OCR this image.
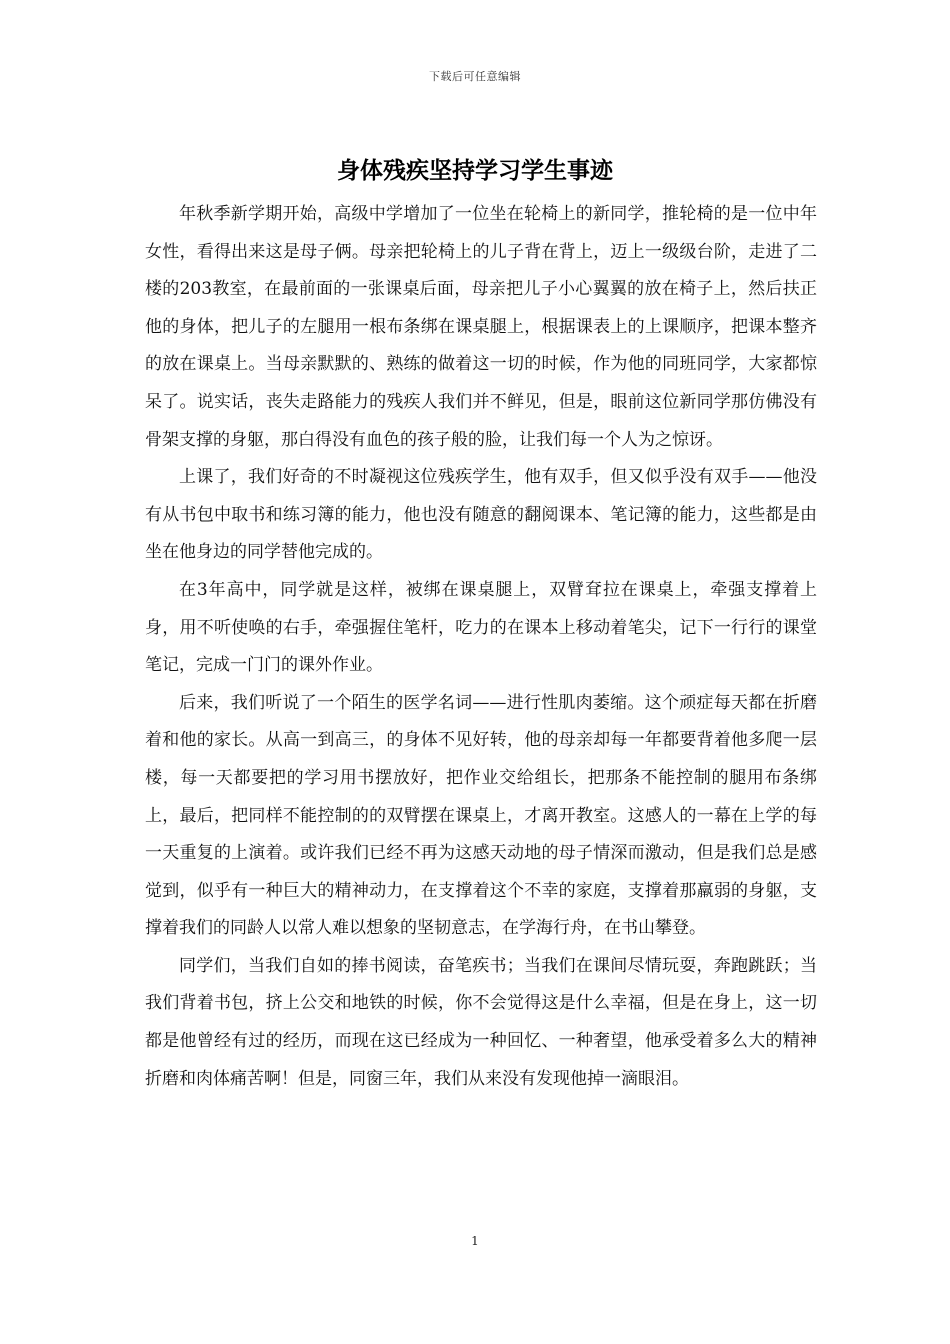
下载后可任意编辑
身体残疾坚持学习学生事迹

年秋季新学期开始，高级中学增加了一位坐在轮椅上的新同学，推轮椅的是一位中年女性，看得出来这是母子俩。母亲把轮椅上的儿子背在背上，迈上一级级台阶，走进了二楼的203教室，在最前面的一张课桌后面，母亲把儿子小心翼翼的放在椅子上，然后扶正他的身体，把儿子的左腿用一根布条绑在课桌腿上，根据课表上的上课顺序，把课本整齐的放在课桌上。当母亲默默的、熟练的做着这一切的时候，作为他的同班同学，大家都惊呆了。说实话，丧失走路能力的残疾人我们并不鲜见，但是，眼前这位新同学那仿佛没有骨架支撑的身躯，那白得没有血色的孩子般的脸，让我们每一个人为之惊讶。

上课了，我们好奇的不时凝视这位残疾学生，他有双手，但又似乎没有双手——他没有从书包中取书和练习簿的能力，他也没有随意的翻阅课本、笔记簿的能力，这些都是由坐在他身边的同学替他完成的。

在3年高中，同学就是这样，被绑在课桌腿上，双臂耷拉在课桌上，牵强支撑着上身，用不听使唤的右手，牵强握住笔杆，吃力的在课本上移动着笔尖，记下一行行的课堂笔记，完成一门门的课外作业。

后来，我们听说了一个陌生的医学名词——进行性肌肉萎缩。这个顽症每天都在折磨着和他的家长。从高一到高三，的身体不见好转，他的母亲却每一年都要背着他多爬一层楼，每一天都要把的学习用书摆放好，把作业交给组长，把那条不能控制的腿用布条绑上，最后，把同样不能控制的的双臂摆在课桌上，才离开教室。这感人的一幕在上学的每一天重复的上演着。或许我们已经不再为这感天动地的母子情深而激动，但是我们总是感觉到，似乎有一种巨大的精神动力，在支撑着这个不幸的家庭，支撑着那羸弱的身躯，支撑着我们的同龄人以常人难以想象的坚韧意志，在学海行舟，在书山攀登。

同学们，当我们自如的捧书阅读，奋笔疾书；当我们在课间尽情玩耍，奔跑跳跃；当我们背着书包，挤上公交和地铁的时候，你不会觉得这是什么幸福，但是在身上，这一切都是他曾经有过的经历，而现在这已经成为一种回忆、一种奢望，他承受着多么大的精神折磨和肉体痛苦啊！但是，同窗三年，我们从来没有发现他掉一滴眼泪。

1
